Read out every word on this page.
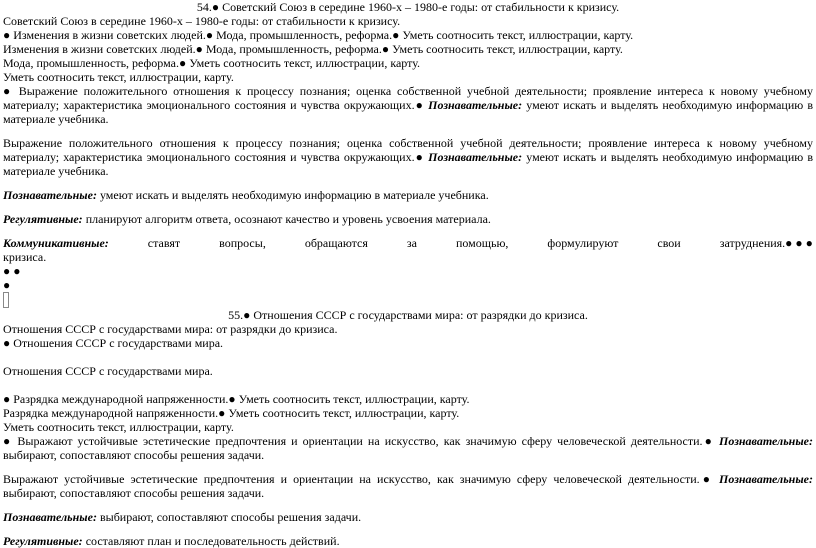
54.● Советский Союз в середине 1960-х – 1980-е годы: от стабильности к кризису.
Советский Союз в середине 1960-х – 1980-е годы: от стабильности к кризису.
● Изменения в жизни советских людей.● Мода, промышленность, реформа.● Уметь соотносить текст, иллюстрации, карту.
Изменения в жизни советских людей.● Мода, промышленность, реформа.● Уметь соотносить текст, иллюстрации, карту.
Мода, промышленность, реформа.● Уметь соотносить текст, иллюстрации, карту.
Уметь соотносить текст, иллюстрации, карту.
● Выражение положительного отношения к процессу познания; оценка собственной учебной деятельности; проявление интереса к новому учебному материалу; характеристика эмоционального состояния и чувства окружающих.● Познавательные: умеют искать и выделять необходимую информацию в материале учебника.
Выражение положительного отношения к процессу познания; оценка собственной учебной деятельности; проявление интереса к новому учебному материалу; характеристика эмоционального состояния и чувства окружающих.● Познавательные: умеют искать и выделять необходимую информацию в материале учебника.
Познавательные: умеют искать и выделять необходимую информацию в материале учебника.
Регулятивные: планируют алгоритм ответа, осознают качество и уровень усвоения материала.
Коммуникативные:	ставят	вопросы,	обращаются	за	помощью,	формулируют	свои	затруднения.● ● ●
кризиса.
● ●
●
55.● Отношения СССР с государствами мира: от разрядки до кризиса.
Отношения СССР с государствами мира: от разрядки до кризиса.
● Отношения СССР с государствами мира.
Отношения СССР с государствами мира.
● Разрядка международной напряженности.● Уметь соотносить текст, иллюстрации, карту.
Разрядка международной напряженности.● Уметь соотносить текст, иллюстрации, карту.
Уметь соотносить текст, иллюстрации, карту.
● Выражают устойчивые эстетические предпочтения и ориентации на искусство, как значимую сферу человеческой деятельности.● Познавательные: выбирают, сопоставляют способы решения задачи.
Выражают устойчивые эстетические предпочтения и ориентации на искусство, как значимую сферу человеческой деятельности.● Познавательные: выбирают, сопоставляют способы решения задачи.
Познавательные: выбирают, сопоставляют способы решения задачи.
Регулятивные: составляют план и последовательность действий.
